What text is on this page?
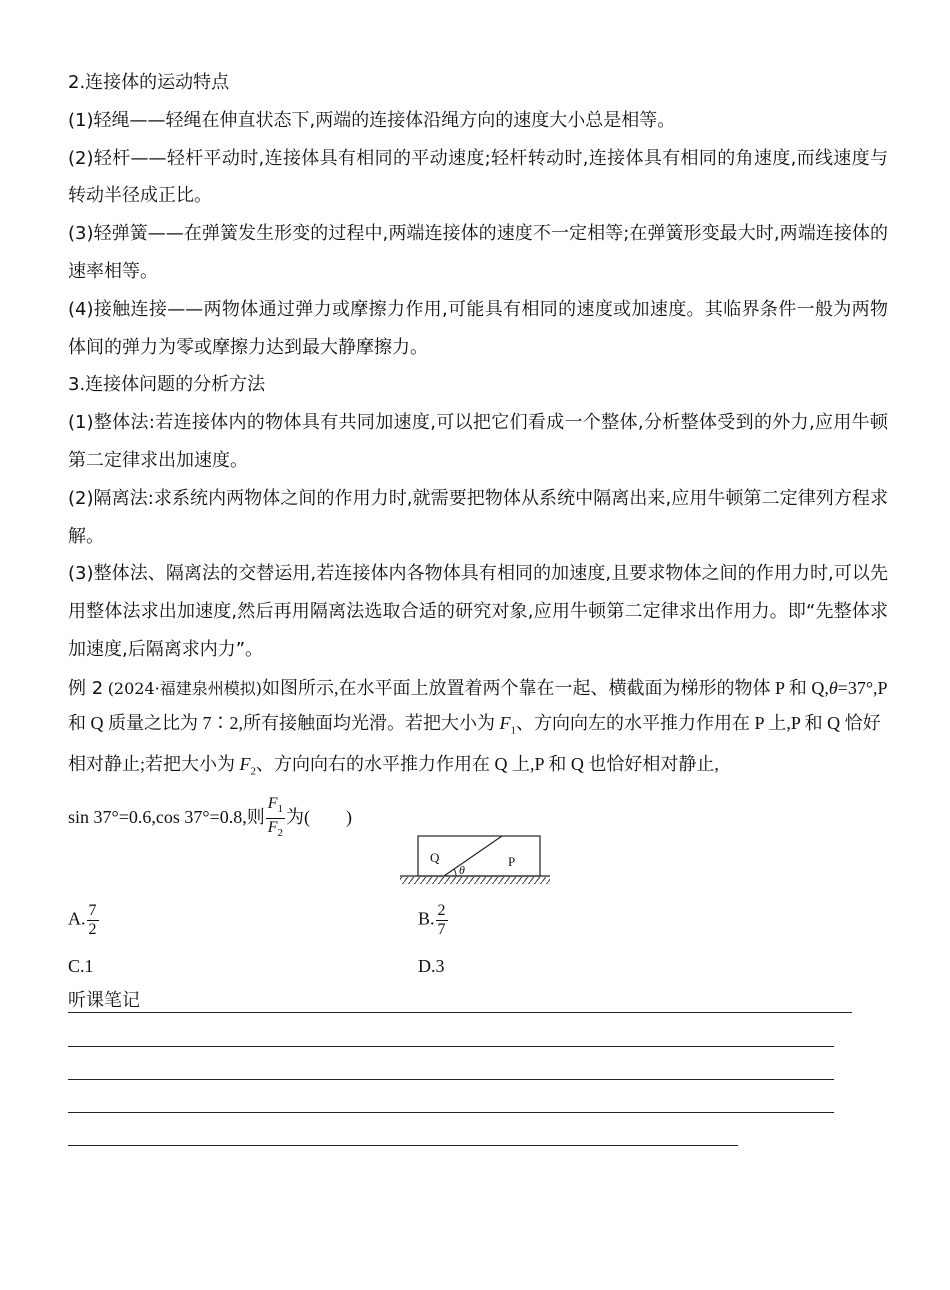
2.连接体的运动特点
(1)轻绳——轻绳在伸直状态下,两端的连接体沿绳方向的速度大小总是相等。
(2)轻杆——轻杆平动时,连接体具有相同的平动速度;轻杆转动时,连接体具有相同的角速度,而线速度与转动半径成正比。
(3)轻弹簧——在弹簧发生形变的过程中,两端连接体的速度不一定相等;在弹簧形变最大时,两端连接体的速率相等。
(4)接触连接——两物体通过弹力或摩擦力作用,可能具有相同的速度或加速度。其临界条件一般为两物体间的弹力为零或摩擦力达到最大静摩擦力。
3.连接体问题的分析方法
(1)整体法:若连接体内的物体具有共同加速度,可以把它们看成一个整体,分析整体受到的外力,应用牛顿第二定律求出加速度。
(2)隔离法:求系统内两物体之间的作用力时,就需要把物体从系统中隔离出来,应用牛顿第二定律列方程求解。
(3)整体法、隔离法的交替运用,若连接体内各物体具有相同的加速度,且要求物体之间的作用力时,可以先用整体法求出加速度,然后再用隔离法选取合适的研究对象,应用牛顿第二定律求出作用力。即“先整体求加速度,后隔离求内力”。
例 2 (2024·福建泉州模拟)如图所示,在水平面上放置着两个靠在一起、横截面为梯形的物体 P 和 Q,θ=37°,P 和 Q 质量之比为 7∶2,所有接触面均光滑。若把大小为 $F_1$、方向向左的水平推力作用在 P 上,P 和 Q 恰好相对静止;若把大小为 $F_2$、方向向右的水平推力作用在 Q 上,P 和 Q 也恰好相对静止,
sin 37°=0.6,cos 37°=0.8,则 $\frac{F_1}{F_2}$ 为(　　)
Q	P
θ
A. $\frac{7}{2}$	B. $\frac{2}{7}$
C.1	D.3
听课笔记
